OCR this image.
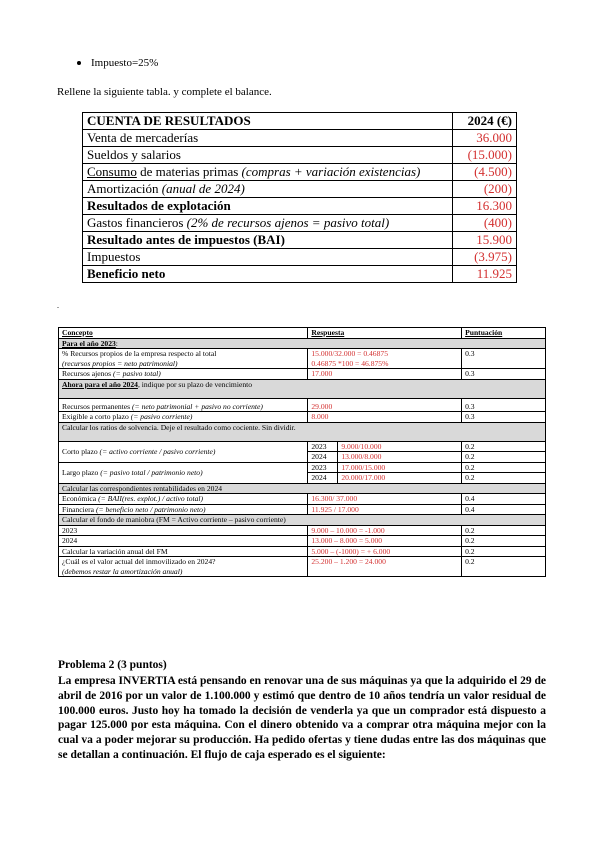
Impuesto=25%
Rellene la siguiente tabla. y complete el balance.
CUENTA DE RESULTADOS	2024 (€)
Venta de mercaderías	36.000
Sueldos y salarios	(15.000)
Consumo de materias primas (compras + variación existencias)	(4.500)
Amortización (anual de 2024)	(200)
Resultados de explotación	16.300
Gastos financieros (2% de recursos ajenos = pasivo total)	(400)
Resultado antes de impuestos (BAI)	15.900
Impuestos	(3.975)
Beneficio neto	11.925
.
Concepto	Respuesta		Puntuación
Para el año 2023:			
% Recursos propios de la empresa respecto al total
(recursos propios = neto patrimonial)	15.000/32.000 = 0.46875
0.46875 *100 = 46.875%		0.3
Recursos ajenos (= pasivo total)	17.000		0.3
Ahora para el año 2024, indique por su plazo de vencimiento			
Recursos permanentes (= neto patrimonial + pasivo no corriente)	29.000		0.3
Exigible a corto plazo (= pasivo corriente)	8.000		0.3
Calcular los ratios de solvencia. Deje el resultado como cociente. Sin dividir.			
Corto plazo (= activo corriente / pasivo corriente)	2023	9.000/10.000	0.2
	2024	13.000/8.000	0.2
Largo plazo (= pasivo total / patrimonio neto)	2023	17.000/15.000	0.2
	2024	20.000/17.000	0.2
Calcular las correspondientes rentabilidades en 2024			
Económica (= BAII(res. explot.) / activo total)	16.300/ 37.000		0.4
Financiera (= beneficio neto / patrimonio neto)	11.925 / 17.000		0.4
Calcular el fondo de maniobra (FM = Activo corriente – pasivo corriente)			
2023	9.000 – 10.000 = -1.000		0.2
2024	13.000 – 8.000 = 5.000		0.2
Calcular la variación anual del FM	5.000 – (-1000) = + 6.000		0.2
¿Cuál es el valor actual del inmovilizado en 2024?
(debemos restar la amortización anual)	25.200 – 1.200 = 24.000		0.2
Problema 2 (3 puntos)
La empresa INVERTIA está pensando en renovar una de sus máquinas ya que la adquirido el 29 de abril de 2016 por un valor de 1.100.000 y estimó que dentro de 10 años tendría un valor residual de 100.000 euros. Justo hoy ha tomado la decisión de venderla ya que un comprador está dispuesto a pagar 125.000 por esta máquina. Con el dinero obtenido va a comprar otra máquina mejor con la cual va a poder mejorar su producción. Ha pedido ofertas y tiene dudas entre las dos máquinas que se detallan a continuación. El flujo de caja esperado es el siguiente:
